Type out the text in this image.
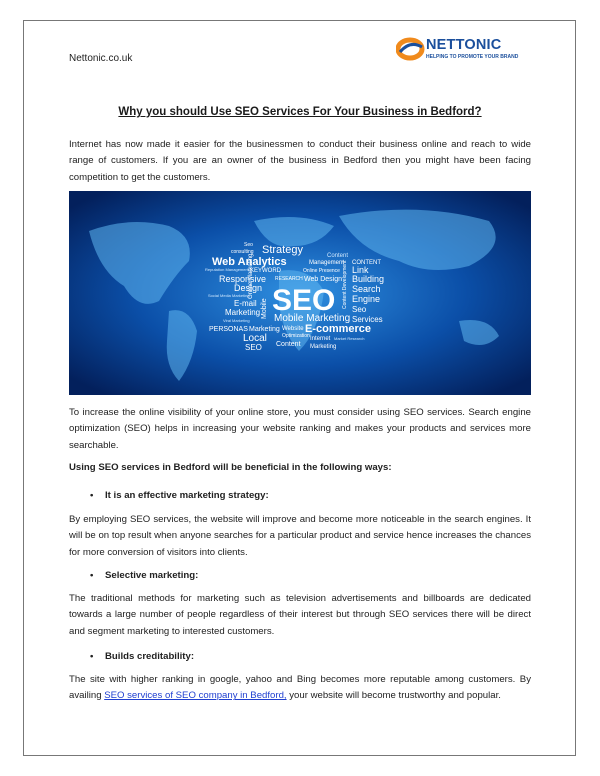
Nettonic.co.uk
NETTONIC
HELPING TO PROMOTE YOUR BRAND
Why you should Use SEO Services For Your Business in Bedford?

Internet has now made it easier for the businessmen to conduct their business online and reach to wide range of customers. If you are an owner of the business in Bedford then you might have been facing competition to get the customers.

Seo
consulting Strategy	Content
Web Analytics	Management CONTENT
Reputation Management KEYWORD	Online Presence Link
Responsive RESEARCH Web Design Building
Design
Social Media Marketing
Search
E-mail	Engine
Marketing Mobile	Seo
Viral Marketing Mobile Marketing Services
PERSONAS Marketing Website E-commerce
Local	Optimization Internet Market Research
SEO Content Marketing
Online Marketing	Content Development
SEO

To increase the online visibility of your online store, you must consider using SEO services. Search engine optimization (SEO) helps in increasing your website ranking and makes your products and services more searchable.

Using SEO services in Bedford will be beneficial in the following ways:
• It is an effective marketing strategy:

By employing SEO services, the website will improve and become more noticeable in the search engines. It will be on top result when anyone searches for a particular product and service hence increases the chances for more conversion of visitors into clients.

• Selective marketing:

The traditional methods for marketing such as television advertisements and billboards are dedicated towards a large number of people regardless of their interest but through SEO services there will be direct and segment marketing to interested customers.

• Builds creditability:

The site with higher ranking in google, yahoo and Bing becomes more reputable among customers. By availing SEO services of SEO company in Bedford, your website will become trustworthy and popular.
